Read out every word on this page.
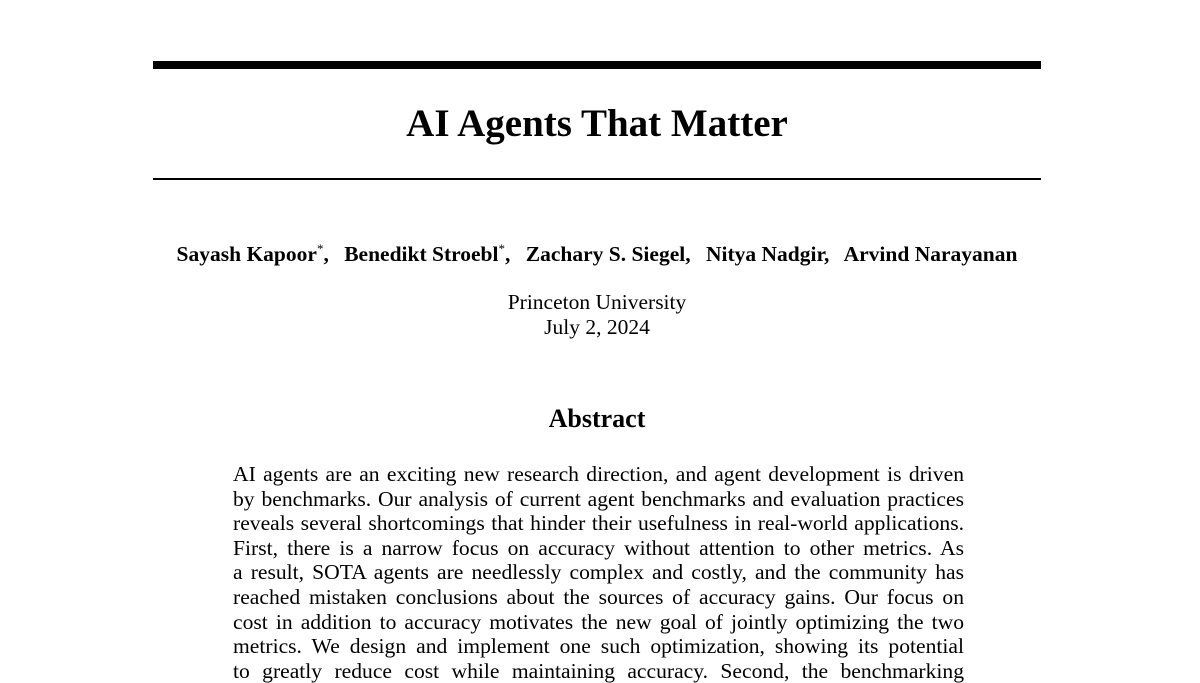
AI Agents That Matter
Sayash Kapoor*, Benedikt Stroebl*, Zachary S. Siegel, Nitya Nadgir, Arvind Narayanan
Princeton University
July 2, 2024
Abstract
AI agents are an exciting new research direction, and agent development is driven
by benchmarks. Our analysis of current agent benchmarks and evaluation practices
reveals several shortcomings that hinder their usefulness in real-world applications.
First, there is a narrow focus on accuracy without attention to other metrics. As
a result, SOTA agents are needlessly complex and costly, and the community has
reached mistaken conclusions about the sources of accuracy gains. Our focus on
cost in addition to accuracy motivates the new goal of jointly optimizing the two
metrics. We design and implement one such optimization, showing its potential
to greatly reduce cost while maintaining accuracy. Second, the benchmarking
